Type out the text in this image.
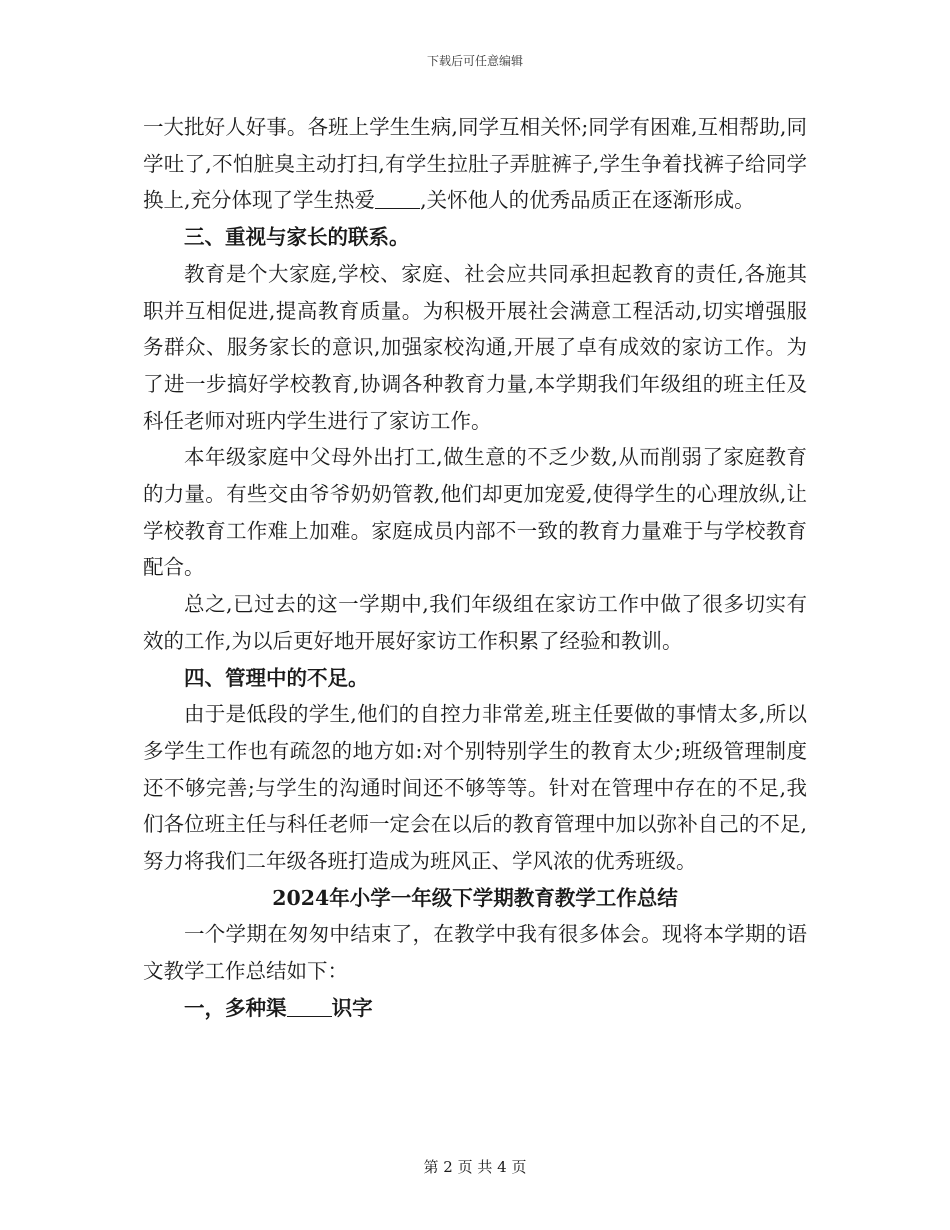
下载后可任意编辑

一大批好人好事。各班上学生生病,同学互相关怀;同学有困难,互相帮助,同学吐了,不怕脏臭主动打扫,有学生拉肚子弄脏裤子,学生争着找裤子给同学换上,充分体现了学生热爱 ,关怀他人的优秀品质正在逐渐形成。

三、重视与家长的联系。

教育是个大家庭,学校、家庭、社会应共同承担起教育的责任,各施其职并互相促进,提高教育质量。为积极开展社会满意工程活动,切实增强服务群众、服务家长的意识,加强家校沟通,开展了卓有成效的家访工作。为了进一步搞好学校教育,协调各种教育力量,本学期我们年级组的班主任及科任老师对班内学生进行了家访工作。

本年级家庭中父母外出打工,做生意的不乏少数,从而削弱了家庭教育的力量。有些交由爷爷奶奶管教,他们却更加宠爱,使得学生的心理放纵,让学校教育工作难上加难。家庭成员内部不一致的教育力量难于与学校教育配合。

总之,已过去的这一学期中,我们年级组在家访工作中做了很多切实有效的工作,为以后更好地开展好家访工作积累了经验和教训。

四、管理中的不足。

由于是低段的学生,他们的自控力非常差,班主任要做的事情太多,所以多学生工作也有疏忽的地方如:对个别特别学生的教育太少;班级管理制度还不够完善;与学生的沟通时间还不够等等。针对在管理中存在的不足,我们各位班主任与科任老师一定会在以后的教育管理中加以弥补自己的不足,努力将我们二年级各班打造成为班风正、学风浓的优秀班级。

2024年小学一年级下学期教育教学工作总结

一个学期在匆匆中结束了，在教学中我有很多体会。现将本学期的语文教学工作总结如下：

一，多种渠 识字

第 2 页 共 4 页
